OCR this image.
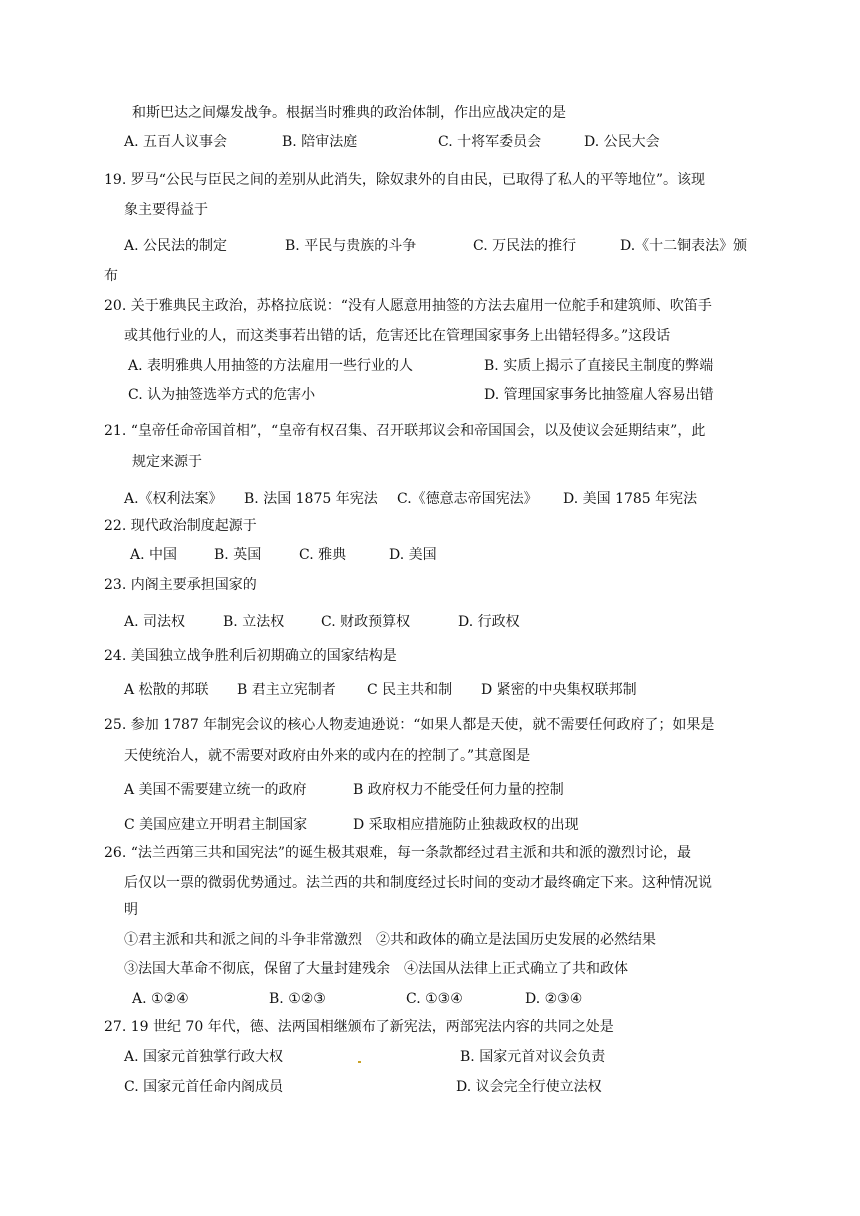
和斯巴达之间爆发战争。根据当时雅典的政治体制，作出应战决定的是
A. 五百人议事会	B. 陪审法庭	C. 十将军委员会	D. 公民大会
19. 罗马“公民与臣民之间的差别从此消失，除奴隶外的自由民，已取得了私人的平等地位”。该现
象主要得益于
A. 公民法的制定	B. 平民与贵族的斗争	C. 万民法的推行	D.《十二铜表法》颁
布
20. 关于雅典民主政治，苏格拉底说：“没有人愿意用抽签的方法去雇用一位舵手和建筑师、吹笛手
或其他行业的人，而这类事若出错的话，危害还比在管理国家事务上出错轻得多。”这段话
A. 表明雅典人用抽签的方法雇用一些行业的人	B. 实质上揭示了直接民主制度的弊端
C. 认为抽签选举方式的危害小	D. 管理国家事务比抽签雇人容易出错
21. “皇帝任命帝国首相”，“皇帝有权召集、召开联邦议会和帝国国会，以及使议会延期结束”，此
规定来源于
A.《权利法案》 B. 法国 1875 年宪法 C.《德意志帝国宪法》 D. 美国 1785 年宪法
22. 现代政治制度起源于
A. 中国	B. 英国	C. 雅典	D. 美国
23. 内阁主要承担国家的
A. 司法权	B. 立法权	C. 财政预算权	D. 行政权
24. 美国独立战争胜利后初期确立的国家结构是
A 松散的邦联 B 君主立宪制者 C 民主共和制 D 紧密的中央集权联邦制
25. 参加 1787 年制宪会议的核心人物麦迪逊说：“如果人都是天使，就不需要任何政府了；如果是
天使统治人，就不需要对政府由外来的或内在的控制了。”其意图是
A 美国不需要建立统一的政府	B 政府权力不能受任何力量的控制
C 美国应建立开明君主制国家	D 采取相应措施防止独裁政权的出现
26. “法兰西第三共和国宪法”的诞生极其艰难，每一条款都经过君主派和共和派的激烈讨论，最
后仅以一票的微弱优势通过。法兰西的共和制度经过长时间的变动才最终确定下来。这种情况说
明
①君主派和共和派之间的斗争非常激烈　②共和政体的确立是法国历史发展的必然结果
③法国大革命不彻底，保留了大量封建残余　④法国从法律上正式确立了共和政体
A. ①②④	B. ①②③	C. ①③④	D. ②③④
27. 19 世纪 70 年代，德、法两国相继颁布了新宪法，两部宪法内容的共同之处是
A. 国家元首独掌行政大权	B. 国家元首对议会负责
C. 国家元首任命内阁成员	D. 议会完全行使立法权
